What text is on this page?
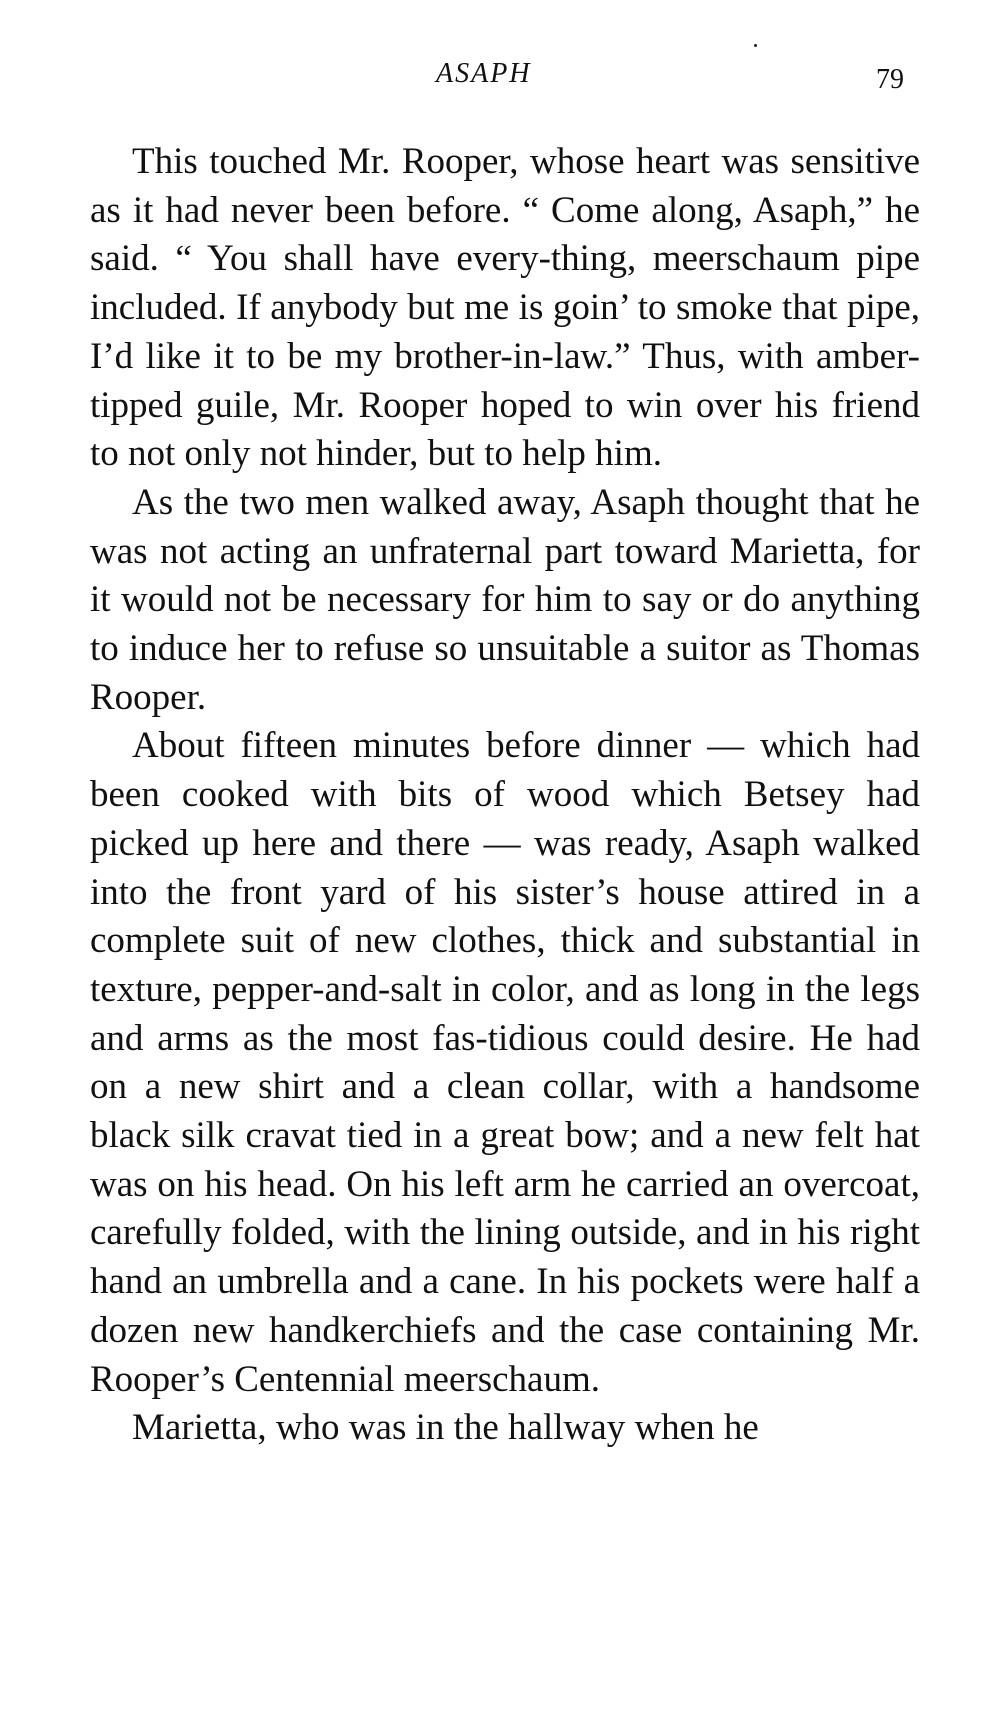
ASAPH	79

This touched Mr. Rooper, whose heart was sensitive as it had never been before. “ Come along, Asaph,” he said. “ You shall have every-thing, meerschaum pipe included. If anybody but me is goin’ to smoke that pipe, I’d like it to be my brother-in-law.” Thus, with amber-tipped guile, Mr. Rooper hoped to win over his friend to not only not hinder, but to help him.

As the two men walked away, Asaph thought that he was not acting an unfraternal part toward Marietta, for it would not be necessary for him to say or do anything to induce her to refuse so unsuitable a suitor as Thomas Rooper.

About fifteen minutes before dinner — which had been cooked with bits of wood which Betsey had picked up here and there — was ready, Asaph walked into the front yard of his sister’s house attired in a complete suit of new clothes, thick and substantial in texture, pepper-and-salt in color, and as long in the legs and arms as the most fas-tidious could desire. He had on a new shirt and a clean collar, with a handsome black silk cravat tied in a great bow; and a new felt hat was on his head. On his left arm he carried an overcoat, carefully folded, with the lining outside, and in his right hand an umbrella and a cane. In his pockets were half a dozen new handkerchiefs and the case containing Mr. Rooper’s Centennial meerschaum.

Marietta, who was in the hallway when he
